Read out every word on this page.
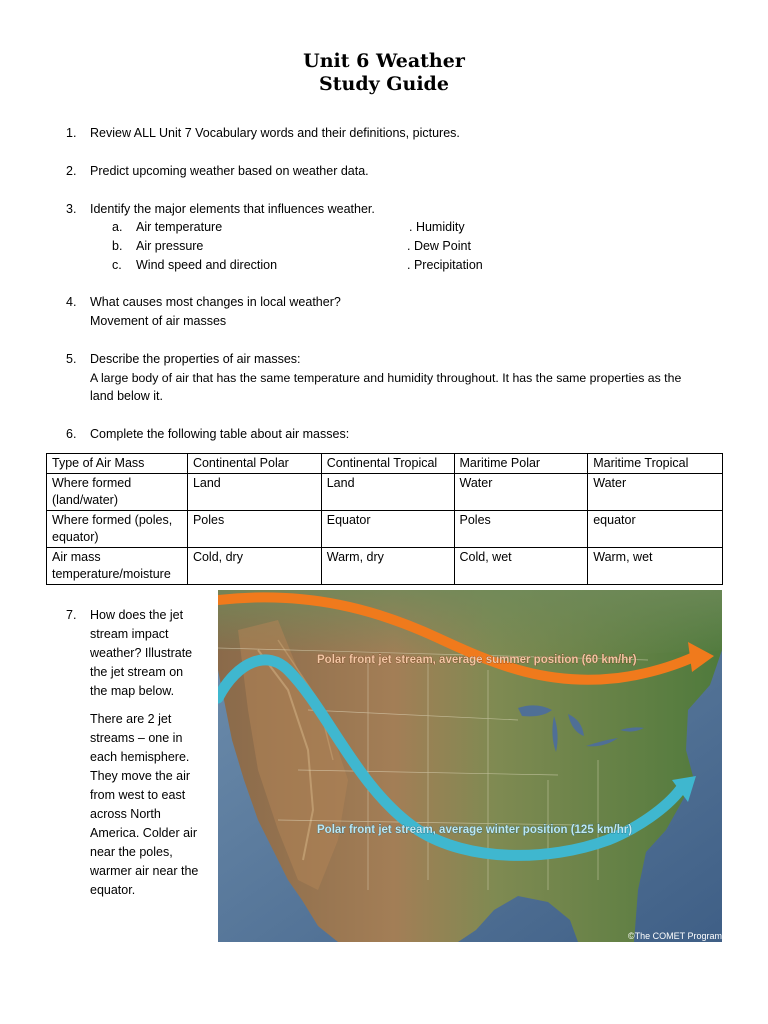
Unit 6 Weather
Study Guide
1. Review ALL Unit 7 Vocabulary words and their definitions, pictures.
2. Predict upcoming weather based on weather data.
3. Identify the major elements that influences weather.
a. Air temperature	. Humidity
b. Air pressure	. Dew Point
c. Wind speed and direction	. Precipitation
4. What causes most changes in local weather?
Movement of air masses
5. Describe the properties of air masses:
A large body of air that has the same temperature and humidity throughout. It has the same properties as the
land below it.
6. Complete the following table about air masses:
Type of Air Mass	Continental Polar	Continental Tropical	Maritime Polar	Maritime Tropical

Where formed
(land/water)	Land	Land	Water	Water

Where formed (poles,
equator)	Poles	Equator	Poles	equator

Air mass
temperature/moisture	Cold, dry	Warm, dry	Cold, wet	Warm, wet
7. How does the jet
stream impact
weather? Illustrate
the jet stream on
the map below.
There are 2 jet
streams – one in
each hemisphere.
They move the air
from west to east
across North
America. Colder air
near the poles,
warmer air near the
equator.
Polar front jet stream, average summer position (60 km/hr)
Polar front jet stream, average winter position (125 km/hr)
©The COMET Program
